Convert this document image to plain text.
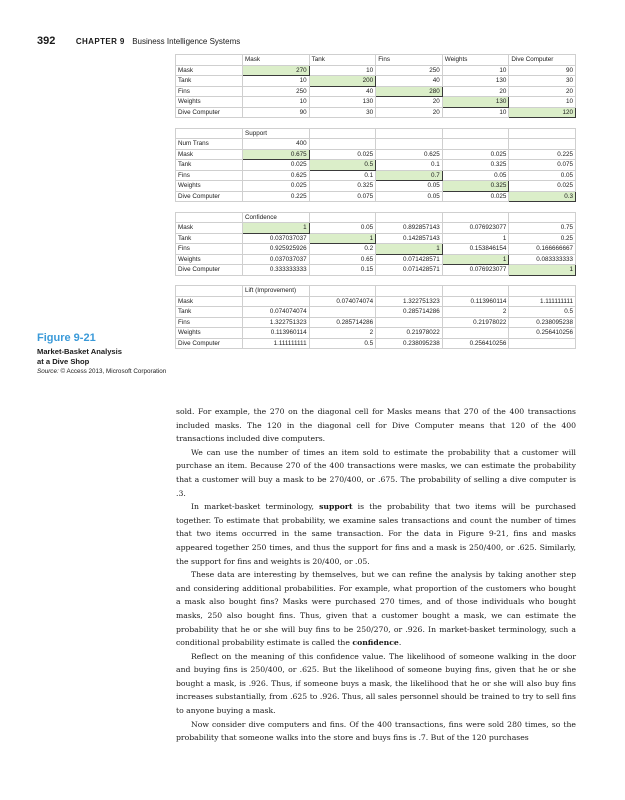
392	CHAPTER 9 Business Intelligence Systems
	Mask	Tank	Fins	Weights	Dive Computer
Mask	270	10	250	10	90
Tank	10	200	40	130	30
Fins	250	40	280	20	20
Weights	10	130	20	130	10
Dive Computer	90	30	20	10	120

	Support				
Num Trans	400				
Mask	0.675	0.025	0.625	0.025	0.225
Tank	0.025	0.5	0.1	0.325	0.075
Fins	0.625	0.1	0.7	0.05	0.05
Weights	0.025	0.325	0.05	0.325	0.025
Dive Computer	0.225	0.075	0.05	0.025	0.3

	Confidence				
Mask	1	0.05	0.892857143	0.076923077	0.75
Tank	0.037037037	1	0.142857143	1	0.25
Fins	0.925925926	0.2	1	0.153846154	0.166666667
Weights	0.037037037	0.65	0.071428571	1	0.083333333
Dive Computer	0.333333333	0.15	0.071428571	0.076923077	1

	Lift (Improvement)				
Mask		0.074074074	1.322751323	0.113960114	1.111111111
Tank	0.074074074		0.285714286	2	0.5
Fins	1.322751323	0.285714286		0.21978022	0.238095238
Weights	0.113960114	2	0.21978022		0.256410256
Dive Computer	1.111111111	0.5	0.238095238	0.256410256	
Figure 9-21
Market-Basket Analysis
at a Dive Shop
Source: © Access 2013, Microsoft Corporation

sold. For example, the 270 on the diagonal cell for Masks means that 270 of the 400 transactions included masks. The 120 in the diagonal cell for Dive Computer means that 120 of the 400 transactions included dive computers.

We can use the number of times an item sold to estimate the probability that a customer will purchase an item. Because 270 of the 400 transactions were masks, we can estimate the probability that a customer will buy a mask to be 270/400, or .675. The probability of selling a dive computer is .3.

In market-basket terminology, support is the probability that two items will be purchased together. To estimate that probability, we examine sales transactions and count the number of times that two items occurred in the same transaction. For the data in Figure 9-21, fins and masks appeared together 250 times, and thus the support for fins and a mask is 250/400, or .625. Similarly, the support for fins and weights is 20/400, or .05.

These data are interesting by themselves, but we can refine the analysis by taking another step and considering additional probabilities. For example, what proportion of the customers who bought a mask also bought fins? Masks were purchased 270 times, and of those individuals who bought masks, 250 also bought fins. Thus, given that a customer bought a mask, we can estimate the probability that he or she will buy fins to be 250/270, or .926. In market-basket terminology, such a conditional probability estimate is called the confidence.

Reflect on the meaning of this confidence value. The likelihood of someone walking in the door and buying fins is 250/400, or .625. But the likelihood of someone buying fins, given that he or she bought a mask, is .926. Thus, if someone buys a mask, the likelihood that he or she will also buy fins increases substantially, from .625 to .926. Thus, all sales personnel should be trained to try to sell fins to anyone buying a mask.

Now consider dive computers and fins. Of the 400 transactions, fins were sold 280 times, so the probability that someone walks into the store and buys fins is .7. But of the 120 purchases
